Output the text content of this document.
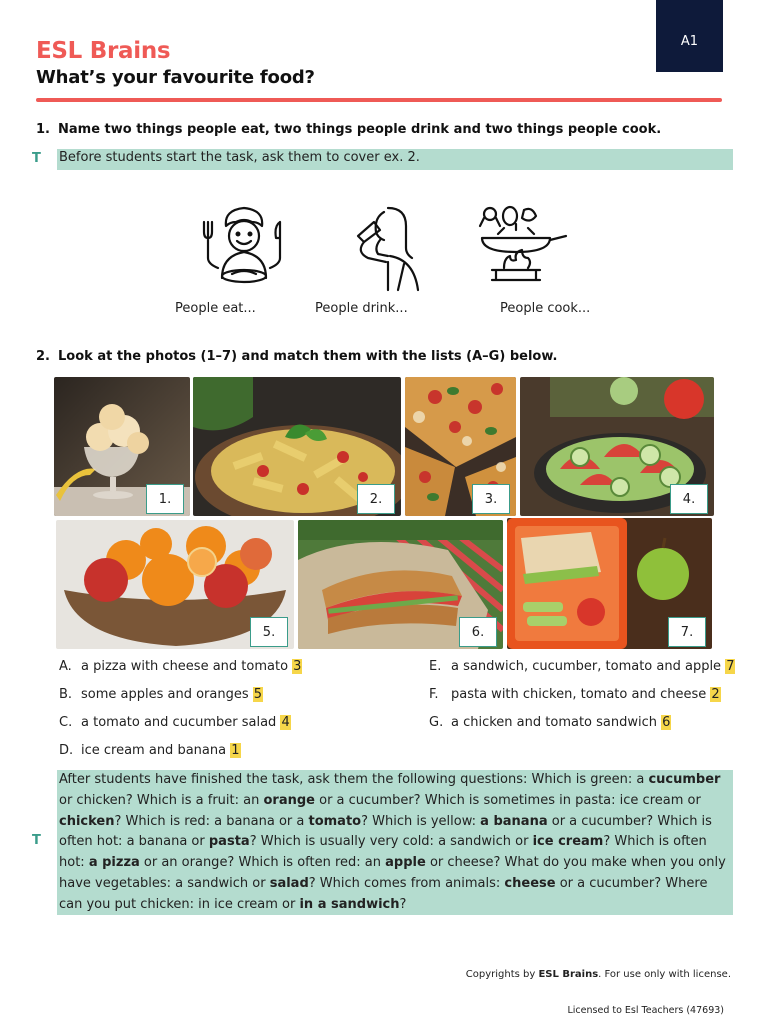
A1
ESL Brains
What’s your favourite food?
1. Name two things people eat, two things people drink and two things people cook.
T Before students start the task, ask them to cover ex. 2.
People eat...	People drink...	People cook...
2. Look at the photos (1–7) and match them with the lists (A–G) below.
1.	2.	3.	4.
5.	6.	7.
A. a pizza with cheese and tomato 3
B. some apples and oranges 5
C. a tomato and cucumber salad 4
D. ice cream and banana 1
E. a sandwich, cucumber, tomato and apple 7
F. pasta with chicken, tomato and cheese 2
G. a chicken and tomato sandwich 6
T
After students have finished the task, ask them the following questions: Which is green: a cucumber or chicken? Which is a fruit: an orange or a cucumber? Which is sometimes in pasta: ice cream or chicken? Which is red: a banana or a tomato? Which is yellow: a banana or a cucumber? Which is often hot: a banana or pasta? Which is usually very cold: a sandwich or ice cream? Which is often hot: a pizza or an orange? Which is often red: an apple or cheese? What do you make when you only have vegetables: a sandwich or salad? Which comes from animals: cheese or a cucumber? Where can you put chicken: in ice cream or in a sandwich?
Copyrights by ESL Brains. For use only with license.
Licensed to Esl Teachers (47693)
